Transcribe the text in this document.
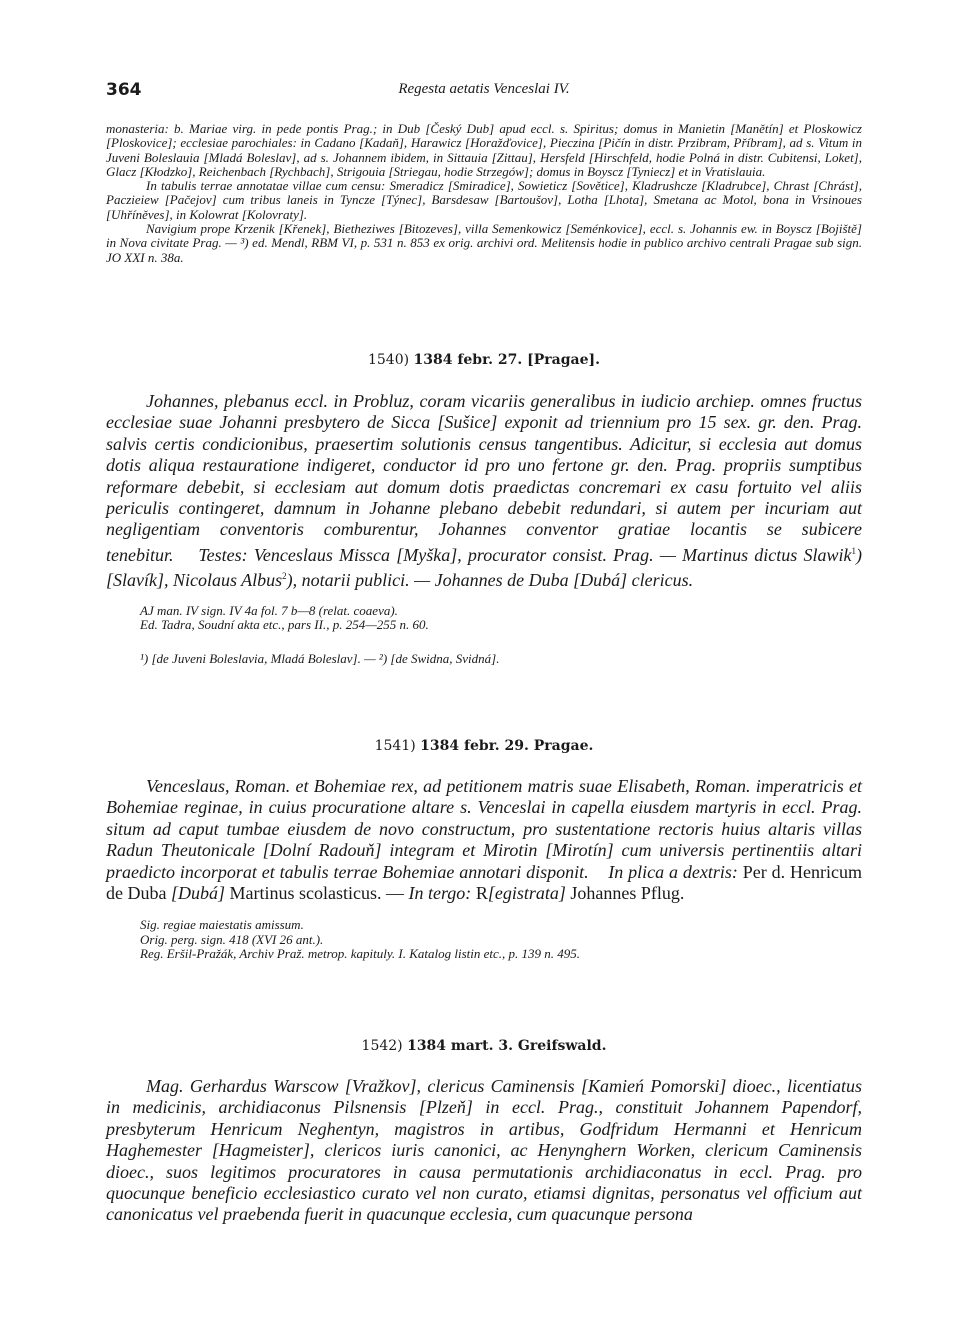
364	Regesta aetatis Venceslai IV.

monasteria: b. Mariae virg. in pede pontis Prag.; in Dub [Český Dub] apud eccl. s. Spiritus; domus in Manietin [Manětín] et Ploskowicz [Ploskovice]; ecclesiae parochiales: in Cadano [Kadaň], Harawicz [Horažďovice], Pieczina [Pičín in distr. Przibram, Příbram], ad s. Vitum in Juveni Boleslauia [Mladá Boleslav], ad s. Johannem ibidem, in Sittauia [Zittau], Hersfeld [Hirschfeld, hodie Polná in distr. Cubitensi, Loket], Glacz [Kłodzko], Reichenbach [Rychbach], Strigouia [Striegau, hodie Strzegów]; domus in Boyscz [Tyniecz] et in Vratislauia.

In tabulis terrae annotatae villae cum censu: Smeradicz [Smiradice], Sowieticz [Sovětice], Kladrushcze [Kladrubce], Chrast [Chrást], Paczieiew [Pačejov] cum tribus laneis in Tyncze [Týnec], Barsdesaw [Bartoušov], Lotha [Lhota], Smetana ac Motol, bona in Vrsinoues [Uhříněves], in Kolowrat [Kolovraty].

Navigium prope Krzenik [Křenek], Bietheziwes [Bitozeves], villa Semenkowicz [Seménkovice], eccl. s. Johannis ew. in Boyscz [Bojiště] in Nova civitate Prag. — ³) ed. Mendl, RBM VI, p. 531 n. 853 ex orig. archivi ord. Melitensis hodie in publico archivo centrali Pragae sub sign. JO XXI n. 38a.

1540) 1384 febr. 27. [Pragae].

Johannes, plebanus eccl. in Probluz, coram vicariis generalibus in iudicio archiep. omnes fructus ecclesiae suae Johanni presbytero de Sicca [Sušice] exponit ad triennium pro 15 sex. gr. den. Prag. salvis certis condicionibus, praesertim solutionis census tangentibus. Adicitur, si ecclesia aut domus dotis aliqua restauratione indigeret, conductor id pro uno fertone gr. den. Prag. propriis sumptibus reformare debebit, si ecclesiam aut domum dotis praedictas concremari ex casu fortuito vel aliis periculis contingeret, damnum in Johanne plebano debebit redundari, si autem per incuriam aut negligentiam conventoris comburentur, Johannes conventor gratiae locantis se subicere tenebitur. Testes: Venceslaus Missca [Myška], procurator consist. Prag. — Martinus dictus Slawik$^1$) [Slavík], Nicolaus Albus$^2$), notarii publici. — Johannes de Duba [Dubá] clericus.

AJ man. IV sign. IV 4a fol. 7 b—8 (relat. coaeva).

Ed. Tadra, Soudní akta etc., pars II., p. 254—255 n. 60.

¹) [de Juveni Boleslavia, Mladá Boleslav]. — ²) [de Swidna, Svidná].

1541) 1384 febr. 29. Pragae.

Venceslaus, Roman. et Bohemiae rex, ad petitionem matris suae Elisabeth, Roman. imperatricis et Bohemiae reginae, in cuius procuratione altare s. Venceslai in capella eiusdem martyris in eccl. Prag. situm ad caput tumbae eiusdem de novo constructum, pro sustentatione rectoris huius altaris villas Radun Theutonicale [Dolní Radouň] integram et Mirotin [Mirotín] cum universis pertinentiis altari praedicto incorporat et tabulis terrae Bohemiae annotari disponit. In plica a dextris: Per d. Henricum de Duba [Dubá] Martinus scolasticus. — In tergo: R[egistrata] Johannes Pflug.

Sig. regiae maiestatis amissum.

Orig. perg. sign. 418 (XVI 26 ant.).

Reg. Eršil-Pražák, Archiv Praž. metrop. kapituly. I. Katalog listin etc., p. 139 n. 495.

1542) 1384 mart. 3. Greifswald.

Mag. Gerhardus Warscow [Vražkov], clericus Caminensis [Kamień Pomorski] dioec., licentiatus in medicinis, archidiaconus Pilsnensis [Plzeň] in eccl. Prag., constituit Johannem Papendorf, presbyterum Henricum Neghentyn, magistros in artibus, Godfridum Hermanni et Henricum Haghemester [Hagmeister], clericos iuris canonici, ac Henynghern Worken, clericum Caminensis dioec., suos legitimos procuratores in causa permutationis archidiaconatus in eccl. Prag. pro quocunque beneficio ecclesiastico curato vel non curato, etiamsi dignitas, personatus vel officium aut canonicatus vel praebenda fuerit in quacunque ecclesia, cum quacunque persona
